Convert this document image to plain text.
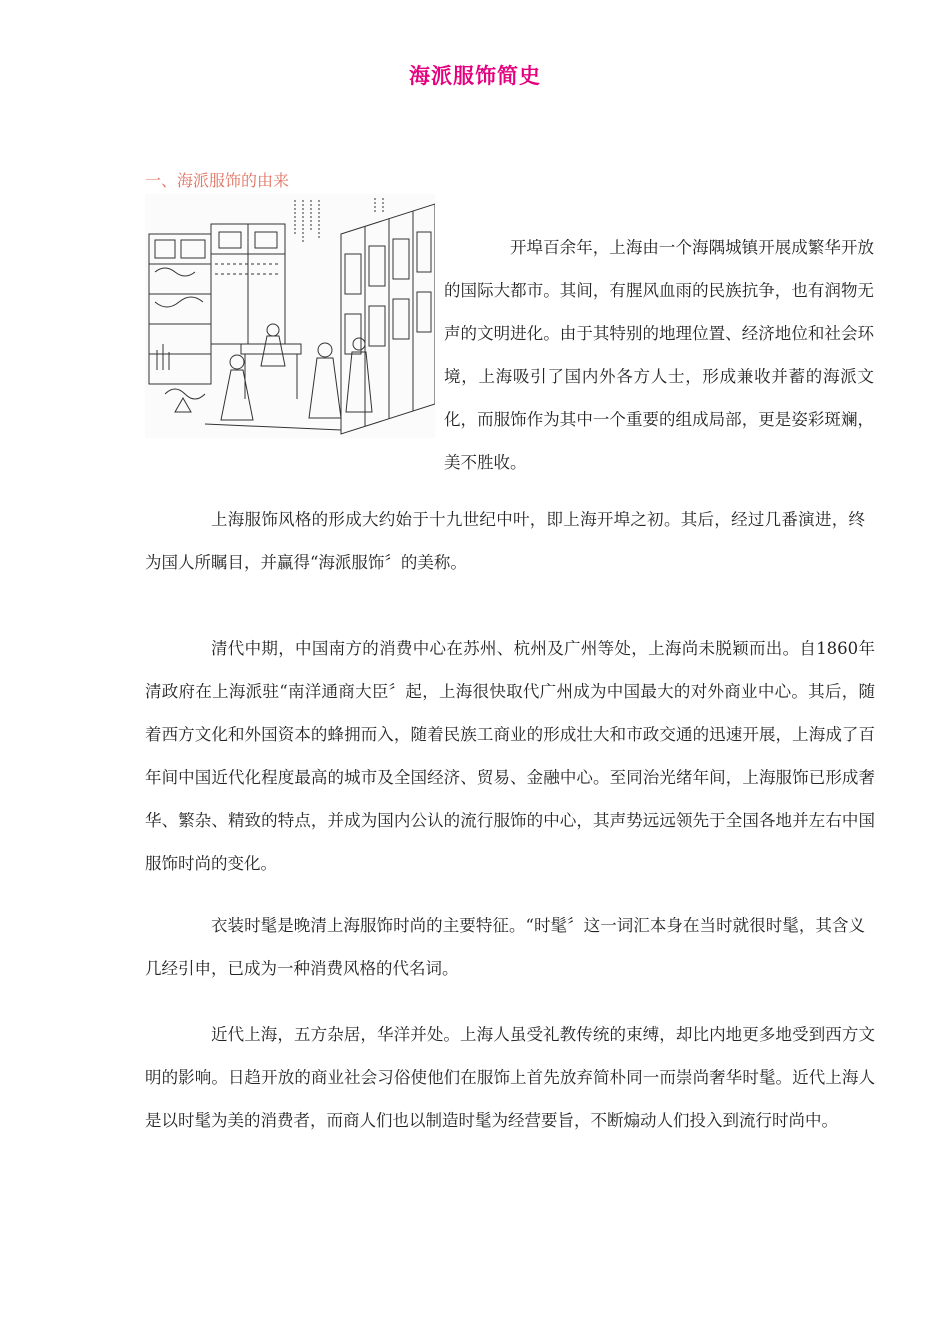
海派服饰简史
一、海派服饰的由来
开埠百余年，上海由一个海隅城镇开展成繁华开放的国际大都市。其间，有腥风血雨的民族抗争，也有润物无声的文明进化。由于其特别的地理位置、经济地位和社会环境，上海吸引了国内外各方人士，形成兼收并蓄的海派文化，而服饰作为其中一个重要的组成局部，更是姿彩斑斓，美不胜收。
上海服饰风格的形成大约始于十九世纪中叶，即上海开埠之初。其后，经过几番演进，终为国人所瞩目，并赢得“海派服饰〞的美称。
清代中期，中国南方的消费中心在苏州、杭州及广州等处，上海尚未脱颖而出。自1860年清政府在上海派驻“南洋通商大臣〞起，上海很快取代广州成为中国最大的对外商业中心。其后，随着西方文化和外国资本的蜂拥而入，随着民族工商业的形成壮大和市政交通的迅速开展，上海成了百年间中国近代化程度最高的城市及全国经济、贸易、金融中心。至同治光绪年间，上海服饰已形成奢华、繁杂、精致的特点，并成为国内公认的流行服饰的中心，其声势远远领先于全国各地并左右中国服饰时尚的变化。
衣装时髦是晚清上海服饰时尚的主要特征。“时髦〞这一词汇本身在当时就很时髦，其含义几经引申，已成为一种消费风格的代名词。
近代上海，五方杂居，华洋并处。上海人虽受礼教传统的束缚，却比内地更多地受到西方文明的影响。日趋开放的商业社会习俗使他们在服饰上首先放弃简朴同一而崇尚奢华时髦。近代上海人是以时髦为美的消费者，而商人们也以制造时髦为经营要旨，不断煽动人们投入到流行时尚中。
